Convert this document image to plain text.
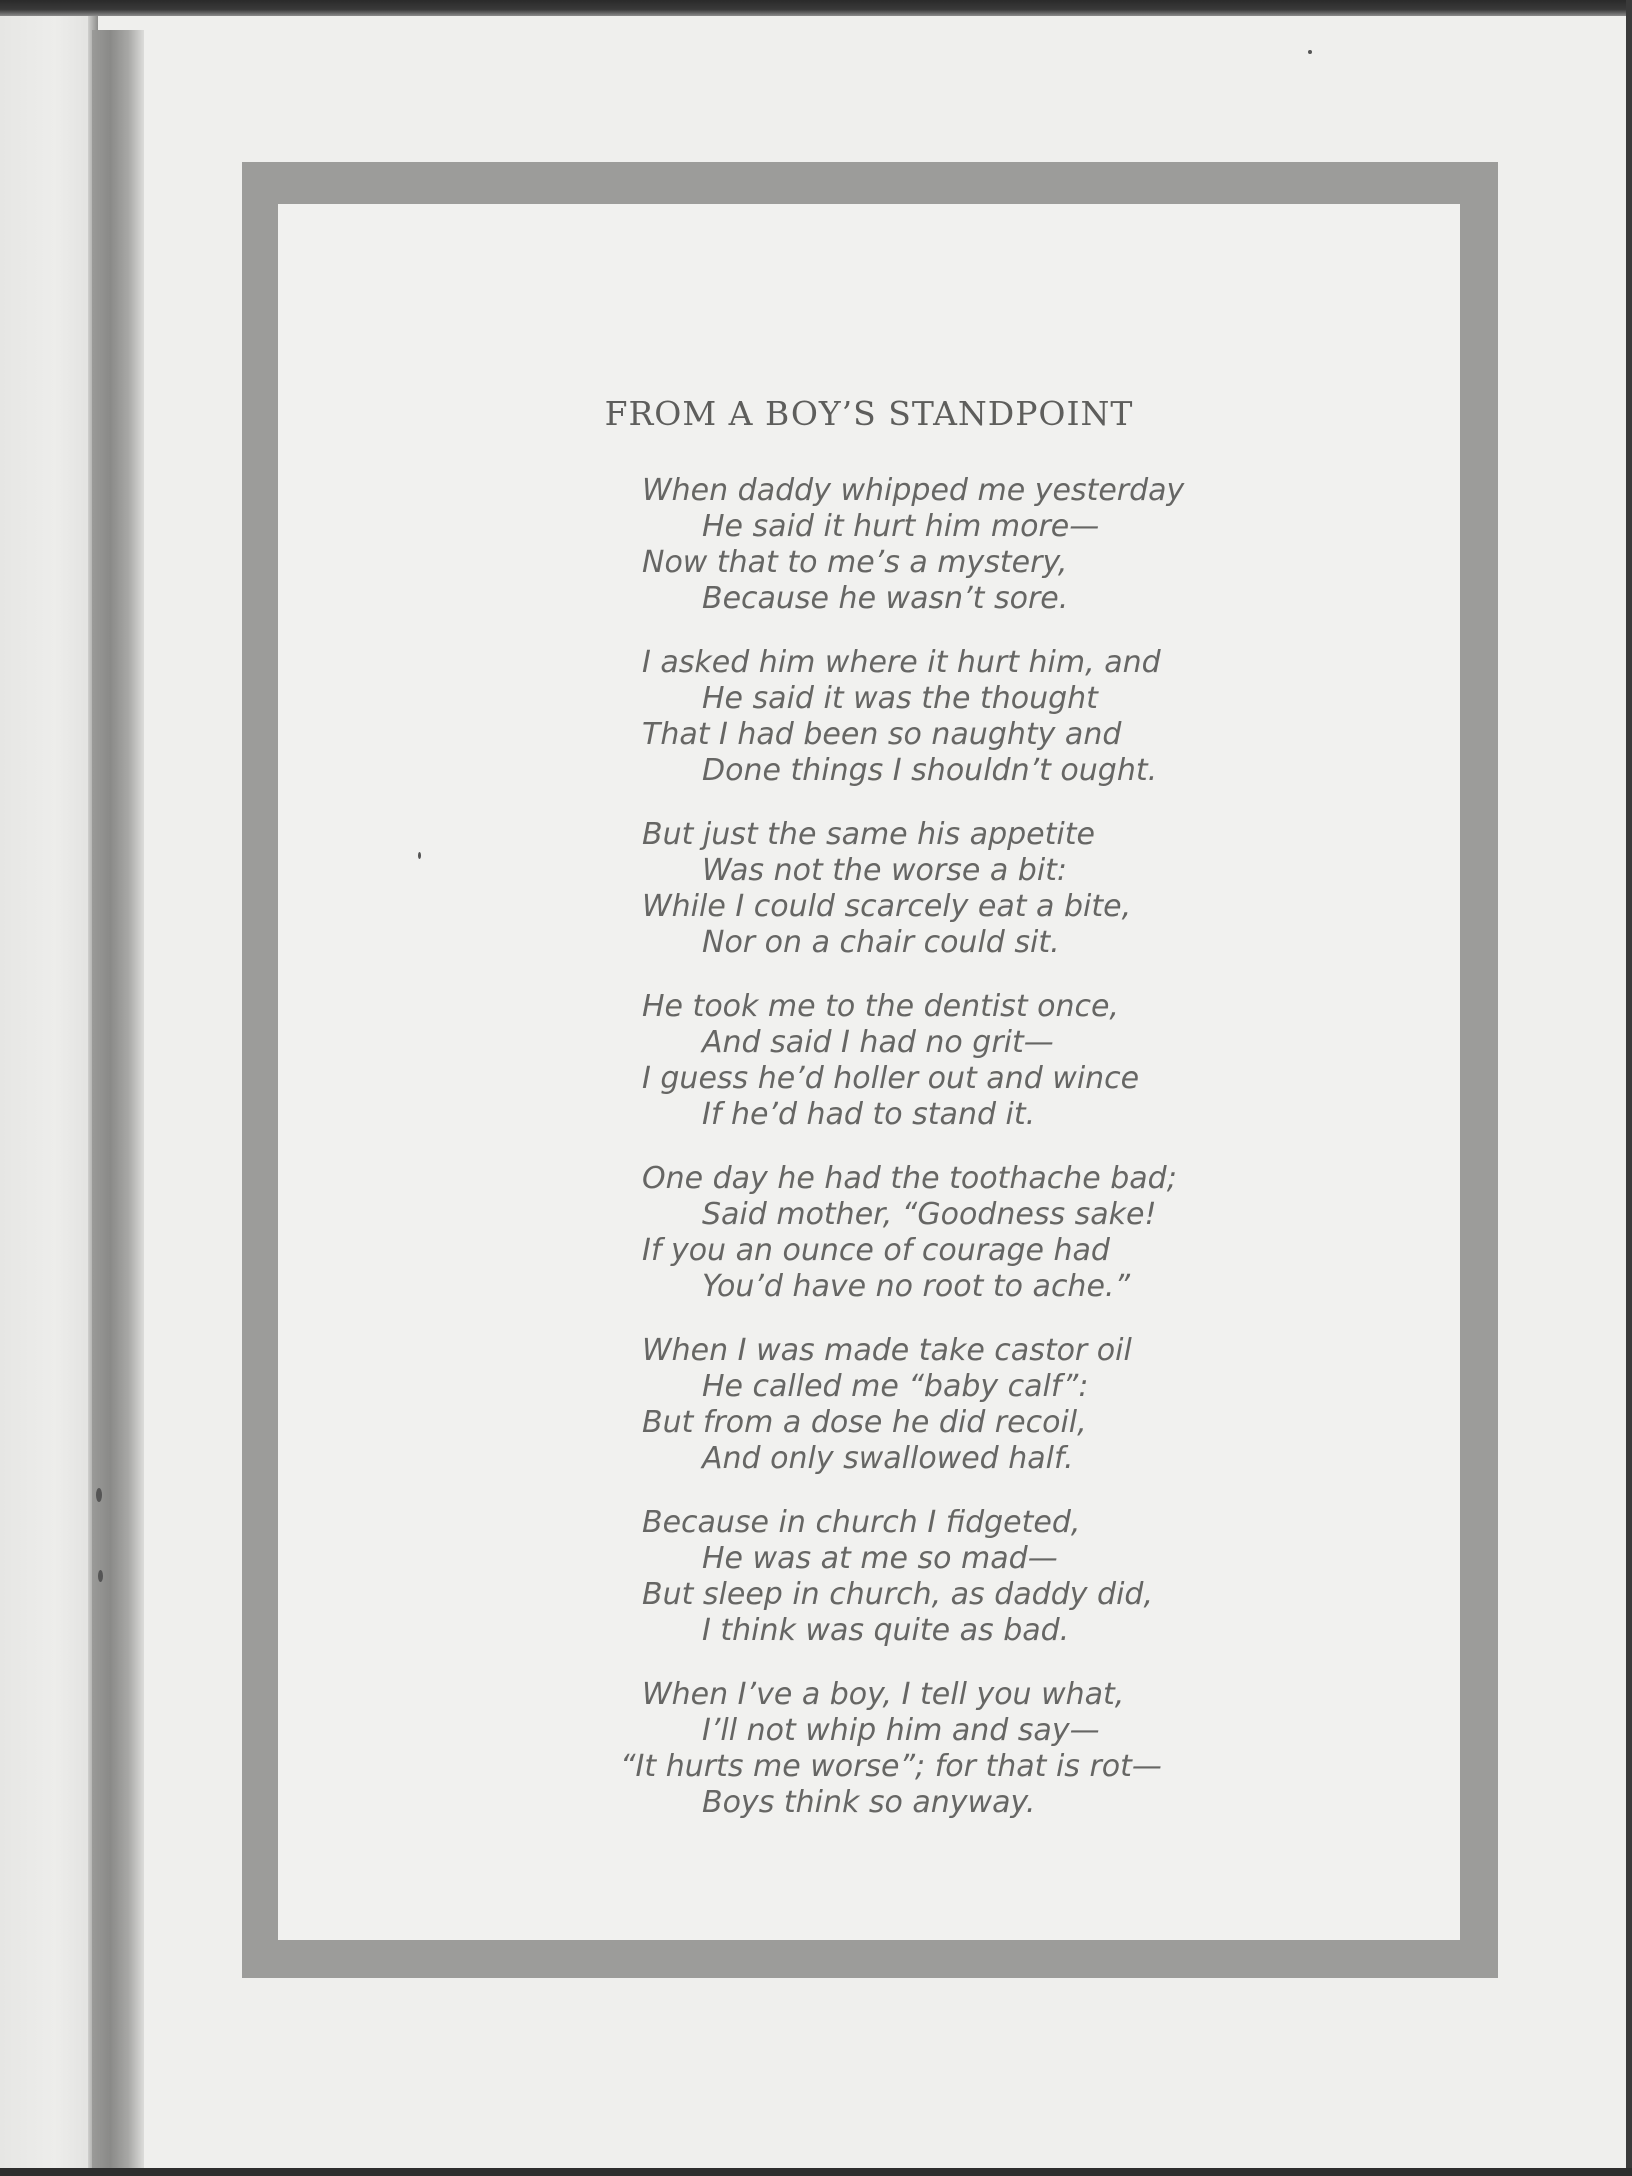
FROM A BOY’S STANDPOINT
When daddy whipped me yesterday
He said it hurt him more—
Now that to me’s a mystery,
Because he wasn’t sore.
I asked him where it hurt him, and
He said it was the thought
That I had been so naughty and
Done things I shouldn’t ought.
But just the same his appetite
Was not the worse a bit:
While I could scarcely eat a bite,
Nor on a chair could sit.
He took me to the dentist once,
And said I had no grit—
I guess he’d holler out and wince
If he’d had to stand it.
One day he had the toothache bad;
Said mother, “Goodness sake!
If you an ounce of courage had
You’d have no root to ache.”
When I was made take castor oil
He called me “baby calf”:
But from a dose he did recoil,
And only swallowed half.
Because in church I fidgeted,
He was at me so mad—
But sleep in church, as daddy did,
I think was quite as bad.
When I’ve a boy, I tell you what,
I’ll not whip him and say—
“It hurts me worse”; for that is rot—
Boys think so anyway.
